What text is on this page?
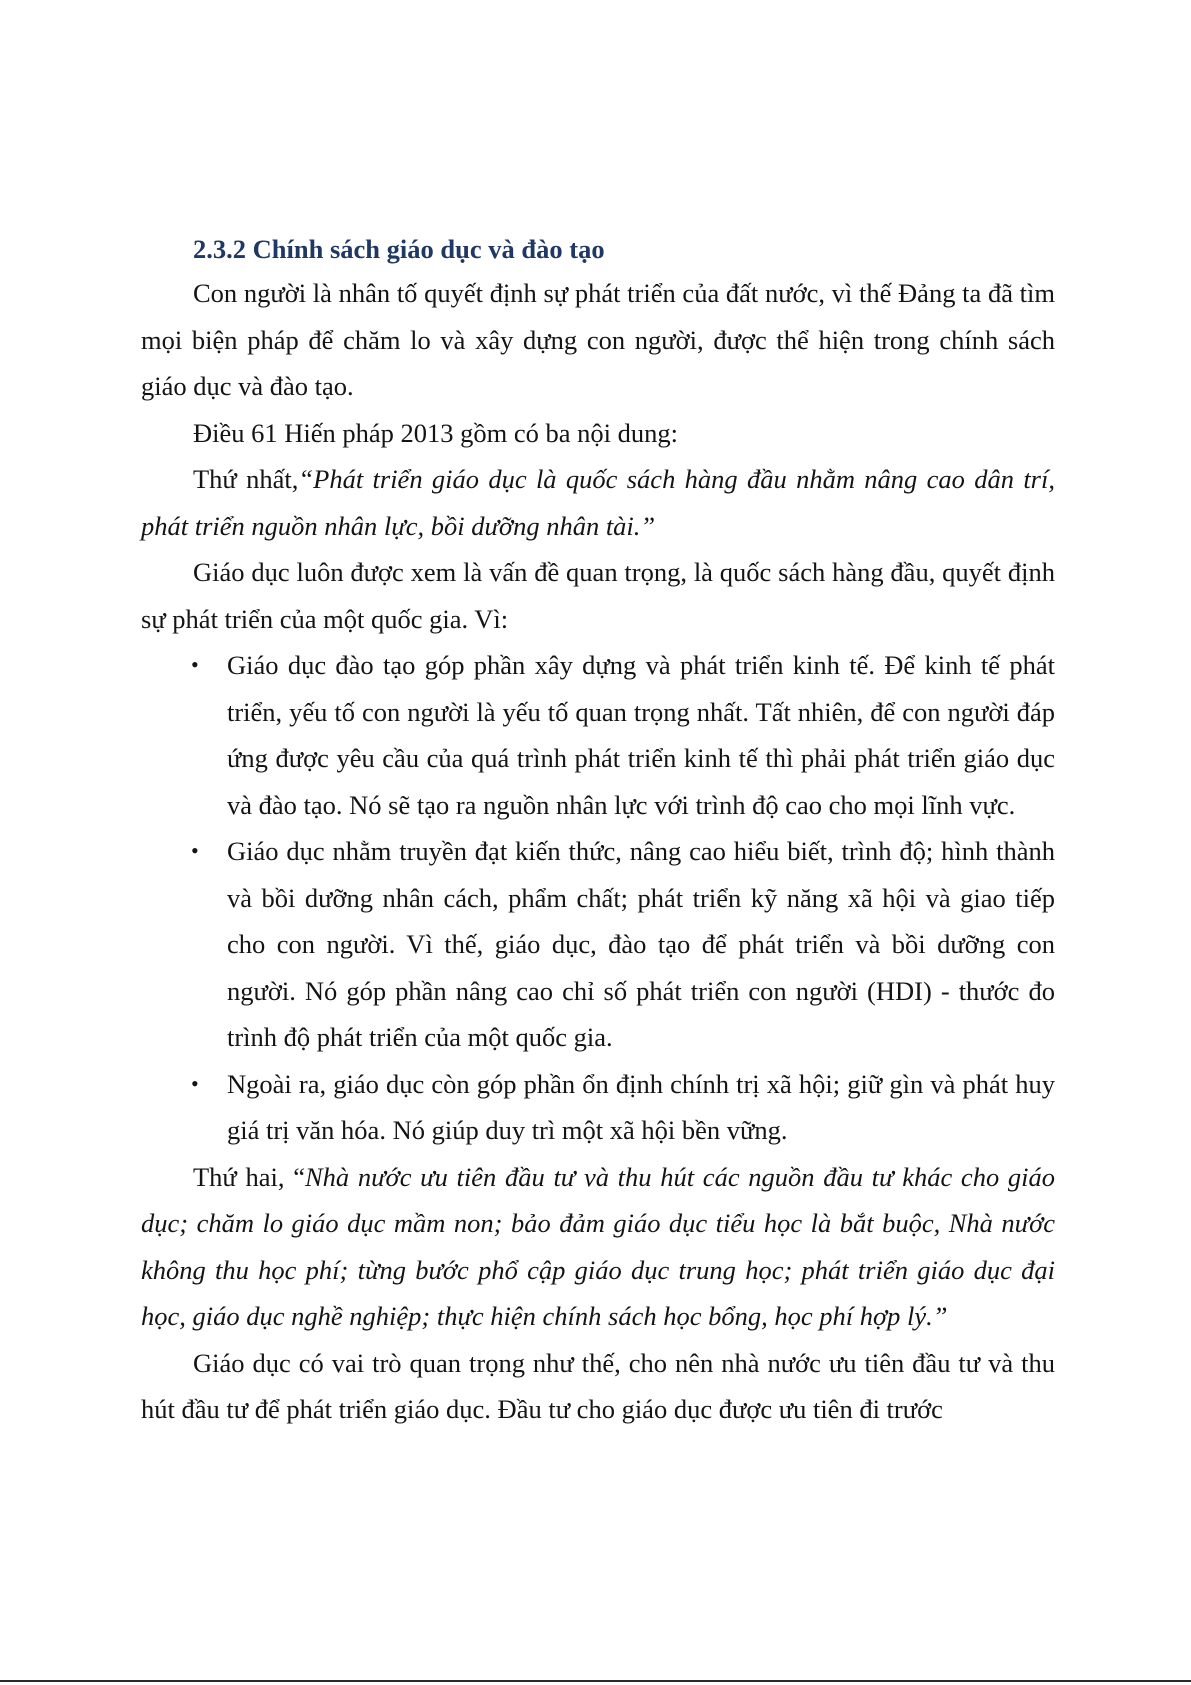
2.3.2 Chính sách giáo dục và đào tạo

Con người là nhân tố quyết định sự phát triển của đất nước, vì thế Đảng ta đã tìm mọi biện pháp để chăm lo và xây dựng con người, được thể hiện trong chính sách giáo dục và đào tạo.

Điều 61 Hiến pháp 2013 gồm có ba nội dung:

Thứ nhất,“Phát triển giáo dục là quốc sách hàng đầu nhằm nâng cao dân trí, phát triển nguồn nhân lực, bồi dưỡng nhân tài.”

Giáo dục luôn được xem là vấn đề quan trọng, là quốc sách hàng đầu, quyết định sự phát triển của một quốc gia. Vì:

• Giáo dục đào tạo góp phần xây dựng và phát triển kinh tế. Để kinh tế phát triển, yếu tố con người là yếu tố quan trọng nhất. Tất nhiên, để con người đáp ứng được yêu cầu của quá trình phát triển kinh tế thì phải phát triển giáo dục và đào tạo. Nó sẽ tạo ra nguồn nhân lực với trình độ cao cho mọi lĩnh vực.
• Giáo dục nhằm truyền đạt kiến thức, nâng cao hiểu biết, trình độ; hình thành và bồi dưỡng nhân cách, phẩm chất; phát triển kỹ năng xã hội và giao tiếp cho con người. Vì thế, giáo dục, đào tạo để phát triển và bồi dưỡng con người. Nó góp phần nâng cao chỉ số phát triển con người (HDI) - thước đo trình độ phát triển của một quốc gia.
• Ngoài ra, giáo dục còn góp phần ổn định chính trị xã hội; giữ gìn và phát huy giá trị văn hóa. Nó giúp duy trì một xã hội bền vững.

Thứ hai, “Nhà nước ưu tiên đầu tư và thu hút các nguồn đầu tư khác cho giáo dục; chăm lo giáo dục mầm non; bảo đảm giáo dục tiểu học là bắt buộc, Nhà nước không thu học phí; từng bước phổ cập giáo dục trung học; phát triển giáo dục đại học, giáo dục nghề nghiệp; thực hiện chính sách học bổng, học phí hợp lý.”

Giáo dục có vai trò quan trọng như thế, cho nên nhà nước ưu tiên đầu tư và thu hút đầu tư để phát triển giáo dục. Đầu tư cho giáo dục được ưu tiên đi trước
